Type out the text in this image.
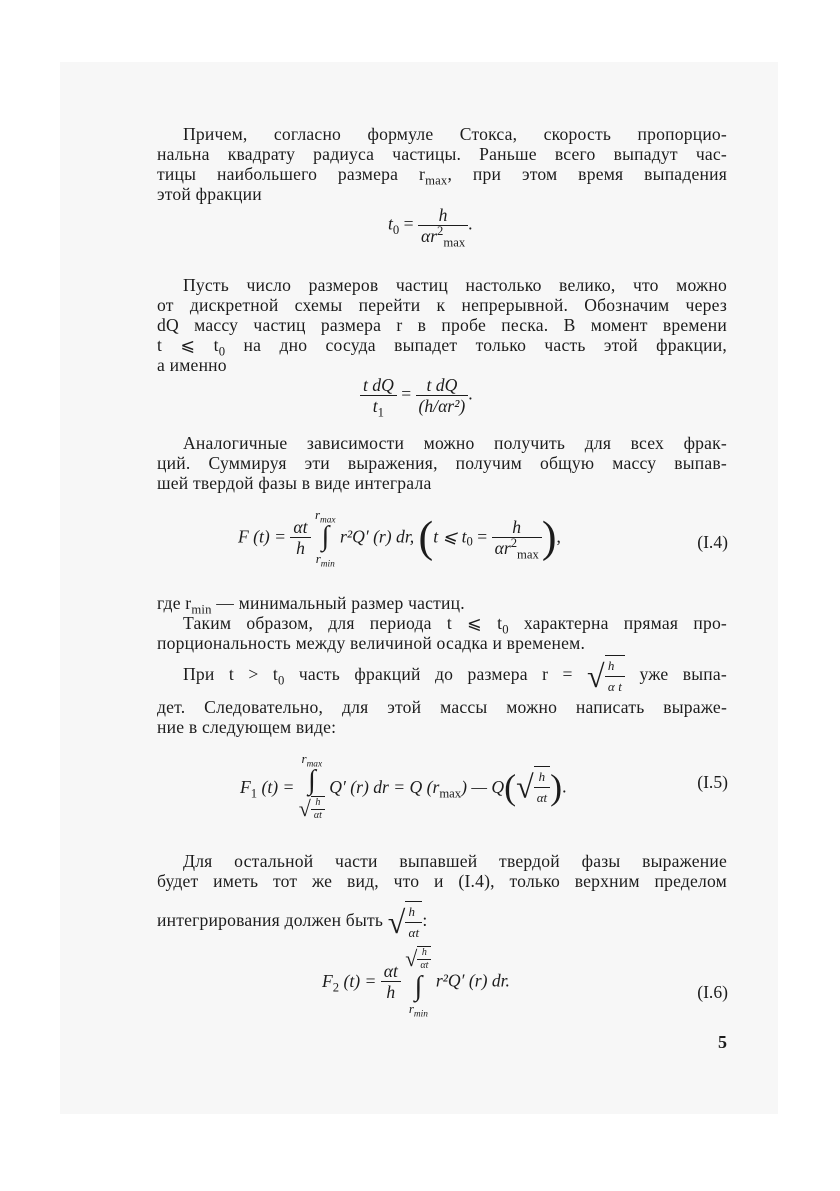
Причем, согласно формуле Стокса, скорость пропорцио-
нальна квадрату радиуса частицы. Раньше всего выпадут час-
тицы наибольшего размера $r_{max}$, при этом время выпадения
этой фракции

$t_0 = \frac{h}{\alpha r^2_{max}}$ .

Пусть число размеров частиц настолько велико, что можно
от дискретной схемы перейти к непрерывной. Обозначим через
dQ массу частиц размера r в пробе песка. В момент времени
t ⩽ $t_0$ на дно сосуда выпадет только часть этой фракции,
а именно

$\frac{\text{t dQ}}{t_1} = \frac{\text{t dQ}}{\text{(h/αr²)}}$ .

Аналогичные зависимости можно получить для всех фрак-
ций. Суммируя эти выражения, получим общую массу выпав-
шей твердой фазы в виде интеграла

F $(t) = \frac{\alpha t}{h}$

$r_{max}$
∫
$r_{min}$
r²Q′ (r) dr, (t ⩽ $t_0 = \frac{h}{\alpha r^2_{max}}$ ),	(I.4)

где $r_{min}$ — минимальный размер частиц.

Таким образом, для периода t ⩽ $t_0$ характерна прямая про-
порциональность между величиной осадка и временем.

При $t > t_0$ часть фракций до размера r = √ $\frac{h}{\text{α t}}$ уже выпа-
дет. Следовательно, для этой массы можно написать выраже-
ние в следующем виде:

$F_1$ (t) =
$r_{max}$
∫
√ $\frac{h}{\alpha t}$
Q′ (r) dr = Q $(r_{max})$ — $Q(√ \frac{h}{\alpha t}$ ).	(I.5)

Для остальной части выпавшей твердой фазы выражение
будет иметь тот же вид, что и (I.4), только верхним пределом
интегрирования должен быть √ $\frac{h}{\alpha t}$ :

$F_2$ $(t) = \frac{\alpha t}{h}$

√ $\frac{h}{\alpha t}$
∫
$r_{min}$
r²Q′ (r) dr.
(I.6)
5
